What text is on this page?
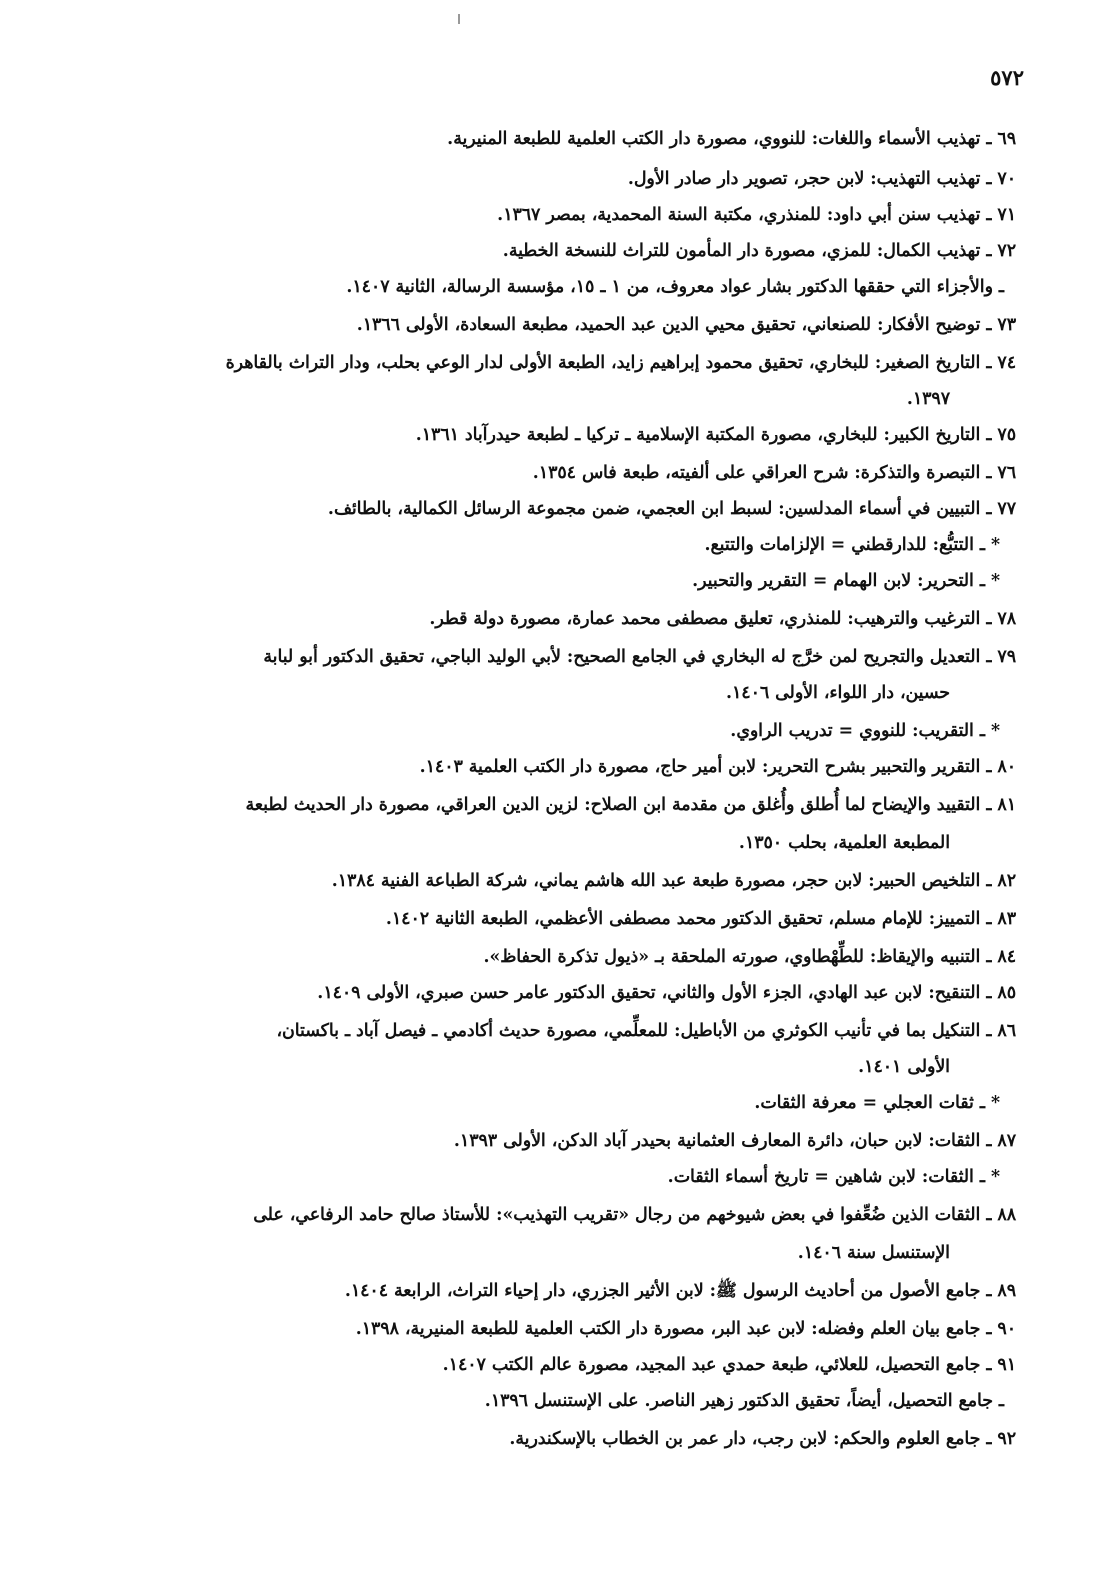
٥٧٢
٦٩ ـ تهذيب الأسماء واللغات: للنووي، مصورة دار الكتب العلمية للطبعة المنيرية.
٧٠ ـ تهذيب التهذيب: لابن حجر، تصوير دار صادر الأول.
٧١ ـ تهذيب سنن أبي داود: للمنذري، مكتبة السنة المحمدية، بمصر ١٣٦٧.
٧٢ ـ تهذيب الكمال: للمزي، مصورة دار المأمون للتراث للنسخة الخطية.
ـ والأجزاء التي حققها الدكتور بشار عواد معروف، من ١ ـ ١٥، مؤسسة الرسالة، الثانية ١٤٠٧.
٧٣ ـ توضيح الأفكار: للصنعاني، تحقيق محيي الدين عبد الحميد، مطبعة السعادة، الأولى ١٣٦٦.
٧٤ ـ التاريخ الصغير: للبخاري، تحقيق محمود إبراهيم زايد، الطبعة الأولى لدار الوعي بحلب، ودار التراث بالقاهرة
١٣٩٧.
٧٥ ـ التاريخ الكبير: للبخاري، مصورة المكتبة الإسلامية ـ تركيا ـ لطبعة حيدرآباد ١٣٦١.
٧٦ ـ التبصرة والتذكرة: شرح العراقي على ألفيته، طبعة فاس ١٣٥٤.
٧٧ ـ التبيين في أسماء المدلسين: لسبط ابن العجمي، ضمن مجموعة الرسائل الكمالية، بالطائف.
* ـ التتبُّع: للدارقطني = الإلزامات والتتبع.
* ـ التحرير: لابن الهمام = التقرير والتحبير.
٧٨ ـ الترغيب والترهيب: للمنذري، تعليق مصطفى محمد عمارة، مصورة دولة قطر.
٧٩ ـ التعديل والتجريح لمن خرَّج له البخاري في الجامع الصحيح: لأبي الوليد الباجي، تحقيق الدكتور أبو لبابة
حسين، دار اللواء، الأولى ١٤٠٦.
* ـ التقريب: للنووي = تدريب الراوي.
٨٠ ـ التقرير والتحبير بشرح التحرير: لابن أمير حاج، مصورة دار الكتب العلمية ١٤٠٣.
٨١ ـ التقييد والإيضاح لما أُطلق وأُغلق من مقدمة ابن الصلاح: لزين الدين العراقي، مصورة دار الحديث لطبعة
المطبعة العلمية، بحلب ١٣٥٠.
٨٢ ـ التلخيص الحبير: لابن حجر، مصورة طبعة عبد الله هاشم يماني، شركة الطباعة الفنية ١٣٨٤.
٨٣ ـ التمييز: للإمام مسلم، تحقيق الدكتور محمد مصطفى الأعظمي، الطبعة الثانية ١٤٠٢.
٨٤ ـ التنبيه والإيقاظ: للطِّهْطاوي، صورته الملحقة بـ «ذيول تذكرة الحفاظ».
٨٥ ـ التنقيح: لابن عبد الهادي، الجزء الأول والثاني، تحقيق الدكتور عامر حسن صبري، الأولى ١٤٠٩.
٨٦ ـ التنكيل بما في تأنيب الكوثري من الأباطيل: للمعلِّمي، مصورة حديث أكادمي ـ فيصل آباد ـ باكستان،
الأولى ١٤٠١.
* ـ ثقات العجلي = معرفة الثقات.
٨٧ ـ الثقات: لابن حبان، دائرة المعارف العثمانية بحيدر آباد الدكن، الأولى ١٣٩٣.
* ـ الثقات: لابن شاهين = تاريخ أسماء الثقات.
٨٨ ـ الثقات الذين ضُعِّفوا في بعض شيوخهم من رجال «تقريب التهذيب»: للأستاذ صالح حامد الرفاعي، على
الإستنسل سنة ١٤٠٦.
٨٩ ـ جامع الأصول من أحاديث الرسول ﷺ: لابن الأثير الجزري، دار إحياء التراث، الرابعة ١٤٠٤.
٩٠ ـ جامع بيان العلم وفضله: لابن عبد البر، مصورة دار الكتب العلمية للطبعة المنيرية، ١٣٩٨.
٩١ ـ جامع التحصيل، للعلائي، طبعة حمدي عبد المجيد، مصورة عالم الكتب ١٤٠٧.
ـ جامع التحصيل، أيضاً، تحقيق الدكتور زهير الناصر. على الإستنسل ١٣٩٦.
٩٢ ـ جامع العلوم والحكم: لابن رجب، دار عمر بن الخطاب بالإسكندرية.
